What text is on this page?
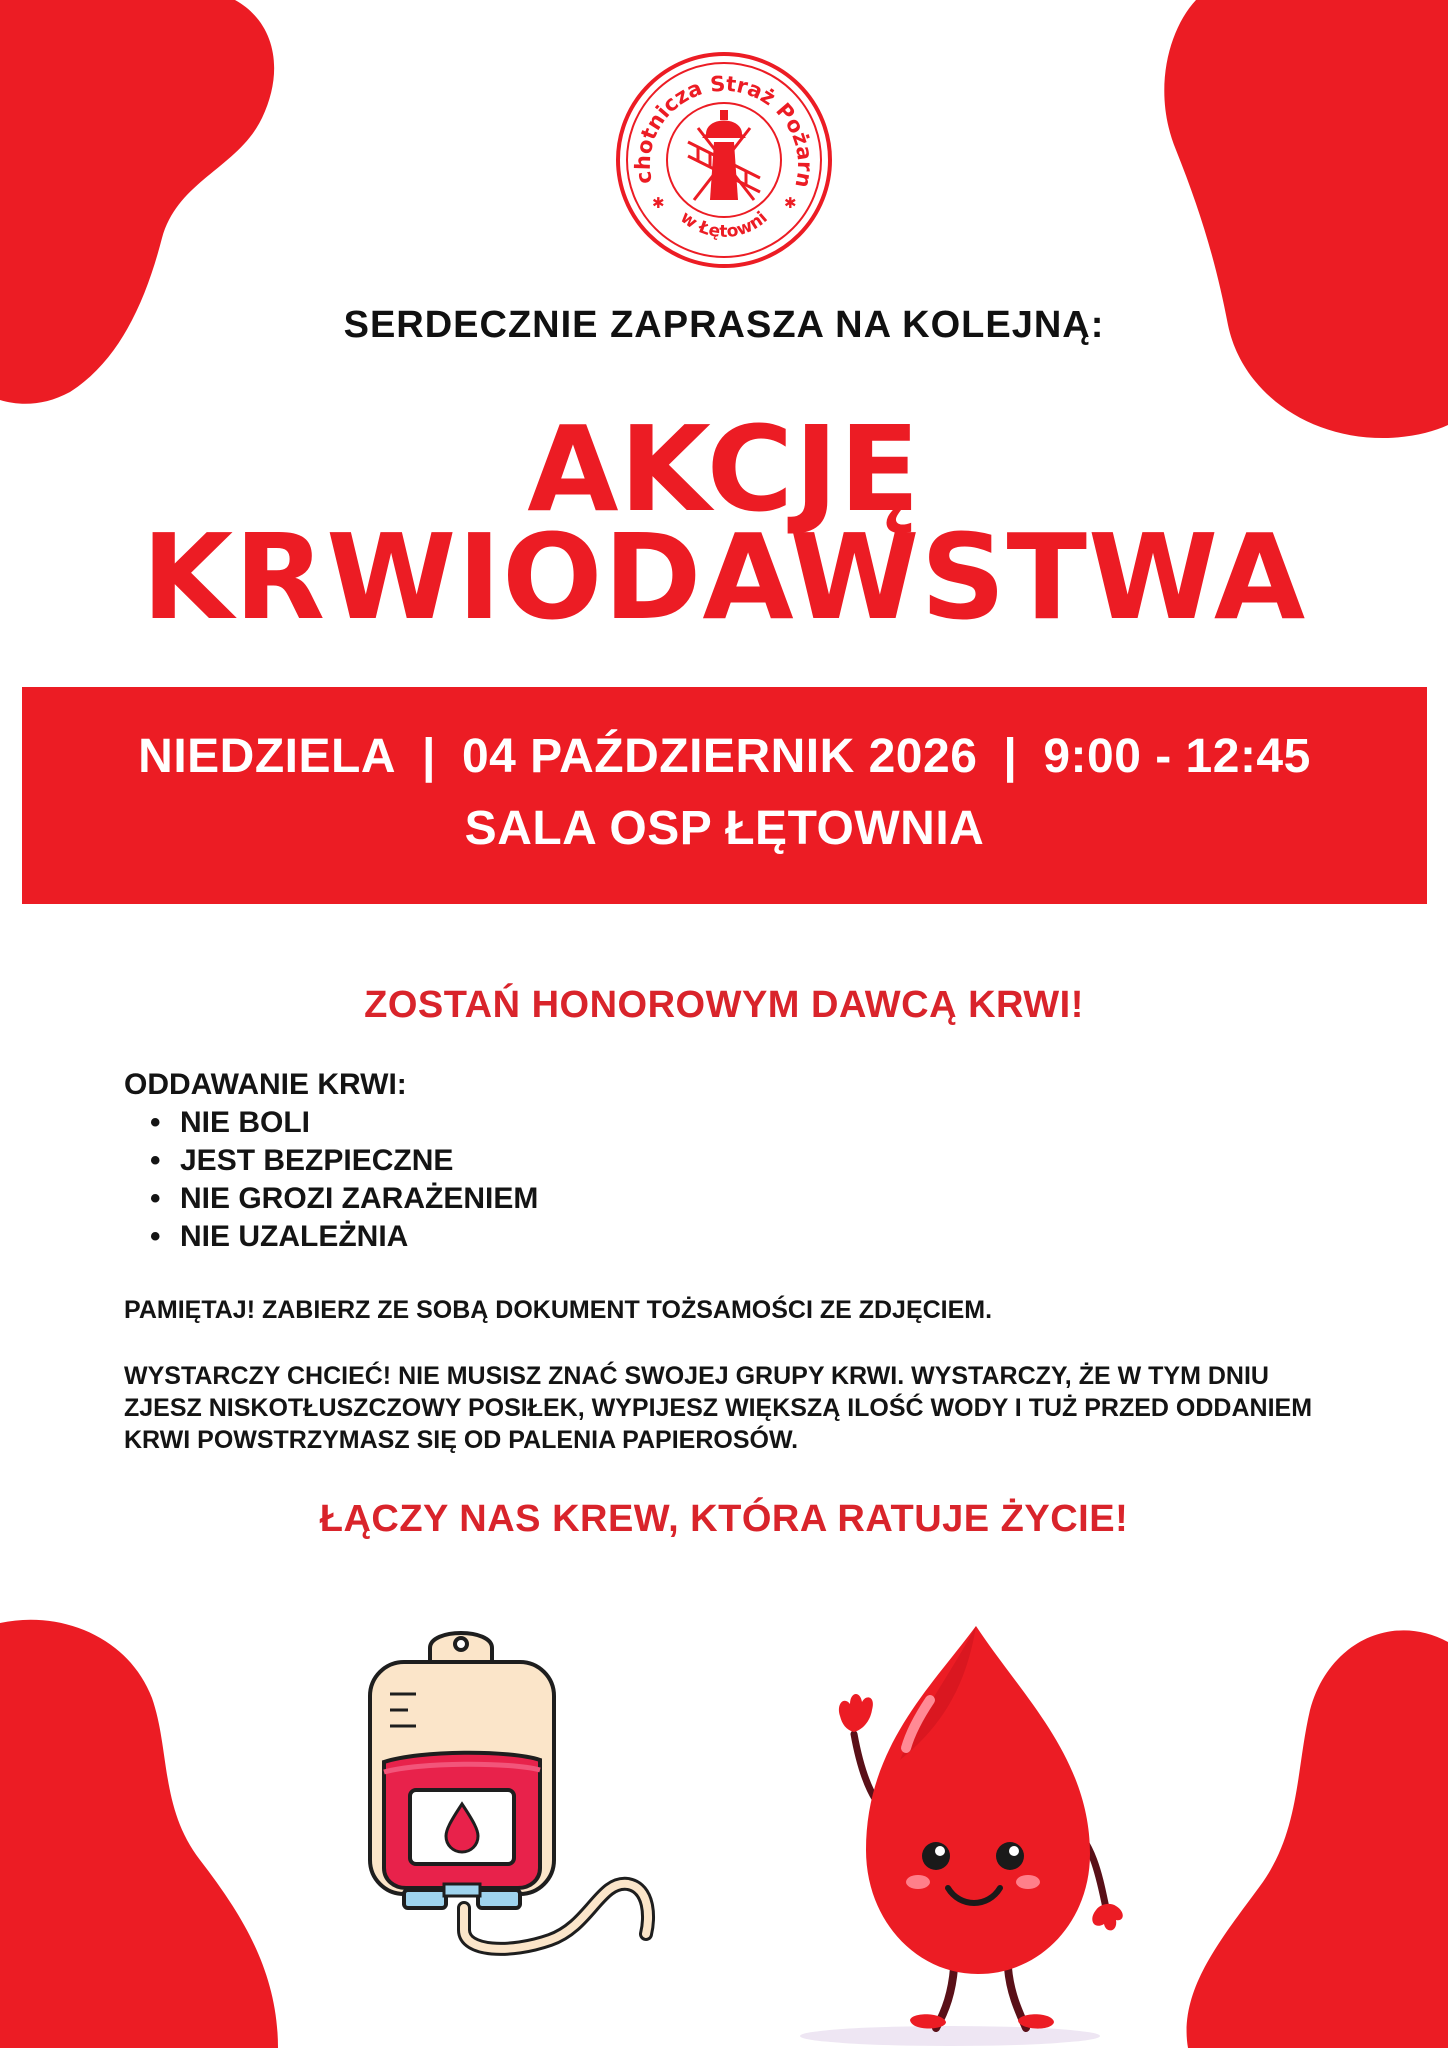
chotnicza Straż Pożarn
w Łętowni
✱	✱
SERDECZNIE ZAPRASZA NA KOLEJNĄ:
AKCJĘ
KRWIODAWSTWA
NIEDZIELA | 04 PAŹDZIERNIK 2026 | 9:00 - 12:45
SALA OSP ŁĘTOWNIA
ZOSTAŃ HONOROWYM DAWCĄ KRWI!
ODDAWANIE KRWI:
• NIE BOLI
• JEST BEZPIECZNE
• NIE GROZI ZARAŻENIEM
• NIE UZALEŻNIA
PAMIĘTAJ! ZABIERZ ZE SOBĄ DOKUMENT TOŻSAMOŚCI ZE ZDJĘCIEM.
WYSTARCZY CHCIEĆ! NIE MUSISZ ZNAĆ SWOJEJ GRUPY KRWI. WYSTARCZY, ŻE W TYM DNIU ZJESZ NISKOTŁUSZCZOWY POSIŁEK, WYPIJESZ WIĘKSZĄ ILOŚĆ WODY I TUŻ PRZED ODDANIEM KRWI POWSTRZYMASZ SIĘ OD PALENIA PAPIEROSÓW.
ŁĄCZY NAS KREW, KTÓRA RATUJE ŻYCIE!
